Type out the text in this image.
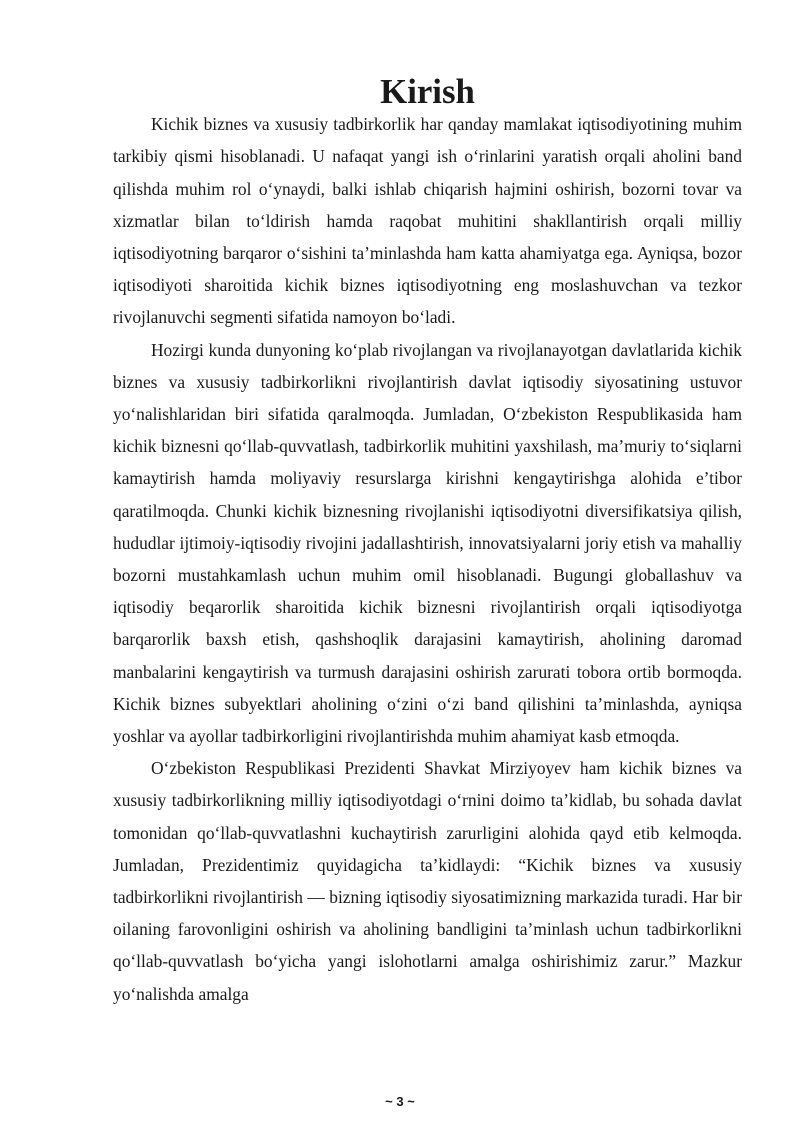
Kirish

Kichik biznes va xususiy tadbirkorlik har qanday mamlakat iqtisodiyotining muhim tarkibiy qismi hisoblanadi. U nafaqat yangi ish o‘rinlarini yaratish orqali aholini band qilishda muhim rol o‘ynaydi, balki ishlab chiqarish hajmini oshirish, bozorni tovar va xizmatlar bilan to‘ldirish hamda raqobat muhitini shakllantirish orqali milliy iqtisodiyotning barqaror o‘sishini ta’minlashda ham katta ahamiyatga ega. Ayniqsa, bozor iqtisodiyoti sharoitida kichik biznes iqtisodiyotning eng moslashuvchan va tezkor rivojlanuvchi segmenti sifatida namoyon bo‘ladi.

Hozirgi kunda dunyoning ko‘plab rivojlangan va rivojlanayotgan davlatlarida kichik biznes va xususiy tadbirkorlikni rivojlantirish davlat iqtisodiy siyosatining ustuvor yo‘nalishlaridan biri sifatida qaralmoqda. Jumladan, O‘zbekiston Respublikasida ham kichik biznesni qo‘llab-quvvatlash, tadbirkorlik muhitini yaxshilash, ma’muriy to‘siqlarni kamaytirish hamda moliyaviy resurslarga kirishni kengaytirishga alohida e’tibor qaratilmoqda. Chunki kichik biznesning rivojlanishi iqtisodiyotni diversifikatsiya qilish, hududlar ijtimoiy-iqtisodiy rivojini jadallashtirish, innovatsiyalarni joriy etish va mahalliy bozorni mustahkamlash uchun muhim omil hisoblanadi. Bugungi globallashuv va iqtisodiy beqarorlik sharoitida kichik biznesni rivojlantirish orqali iqtisodiyotga barqarorlik baxsh etish, qashshoqlik darajasini kamaytirish, aholining daromad manbalarini kengaytirish va turmush darajasini oshirish zarurati tobora ortib bormoqda. Kichik biznes subyektlari aholining o‘zini o‘zi band qilishini ta’minlashda, ayniqsa yoshlar va ayollar tadbirkorligini rivojlantirishda muhim ahamiyat kasb etmoqda.

O‘zbekiston Respublikasi Prezidenti Shavkat Mirziyoyev ham kichik biznes va xususiy tadbirkorlikning milliy iqtisodiyotdagi o‘rnini doimo ta’kidlab, bu sohada davlat tomonidan qo‘llab-quvvatlashni kuchaytirish zarurligini alohida qayd etib kelmoqda. Jumladan, Prezidentimiz quyidagicha ta’kidlaydi: “Kichik biznes va xususiy tadbirkorlikni rivojlantirish — bizning iqtisodiy siyosatimizning markazida turadi. Har bir oilaning farovonligini oshirish va aholining bandligini ta’minlash uchun tadbirkorlikni qo‘llab-quvvatlash bo‘yicha yangi islohotlarni amalga oshirishimiz zarur.” Mazkur yo‘nalishda amalga

~ 3 ~
